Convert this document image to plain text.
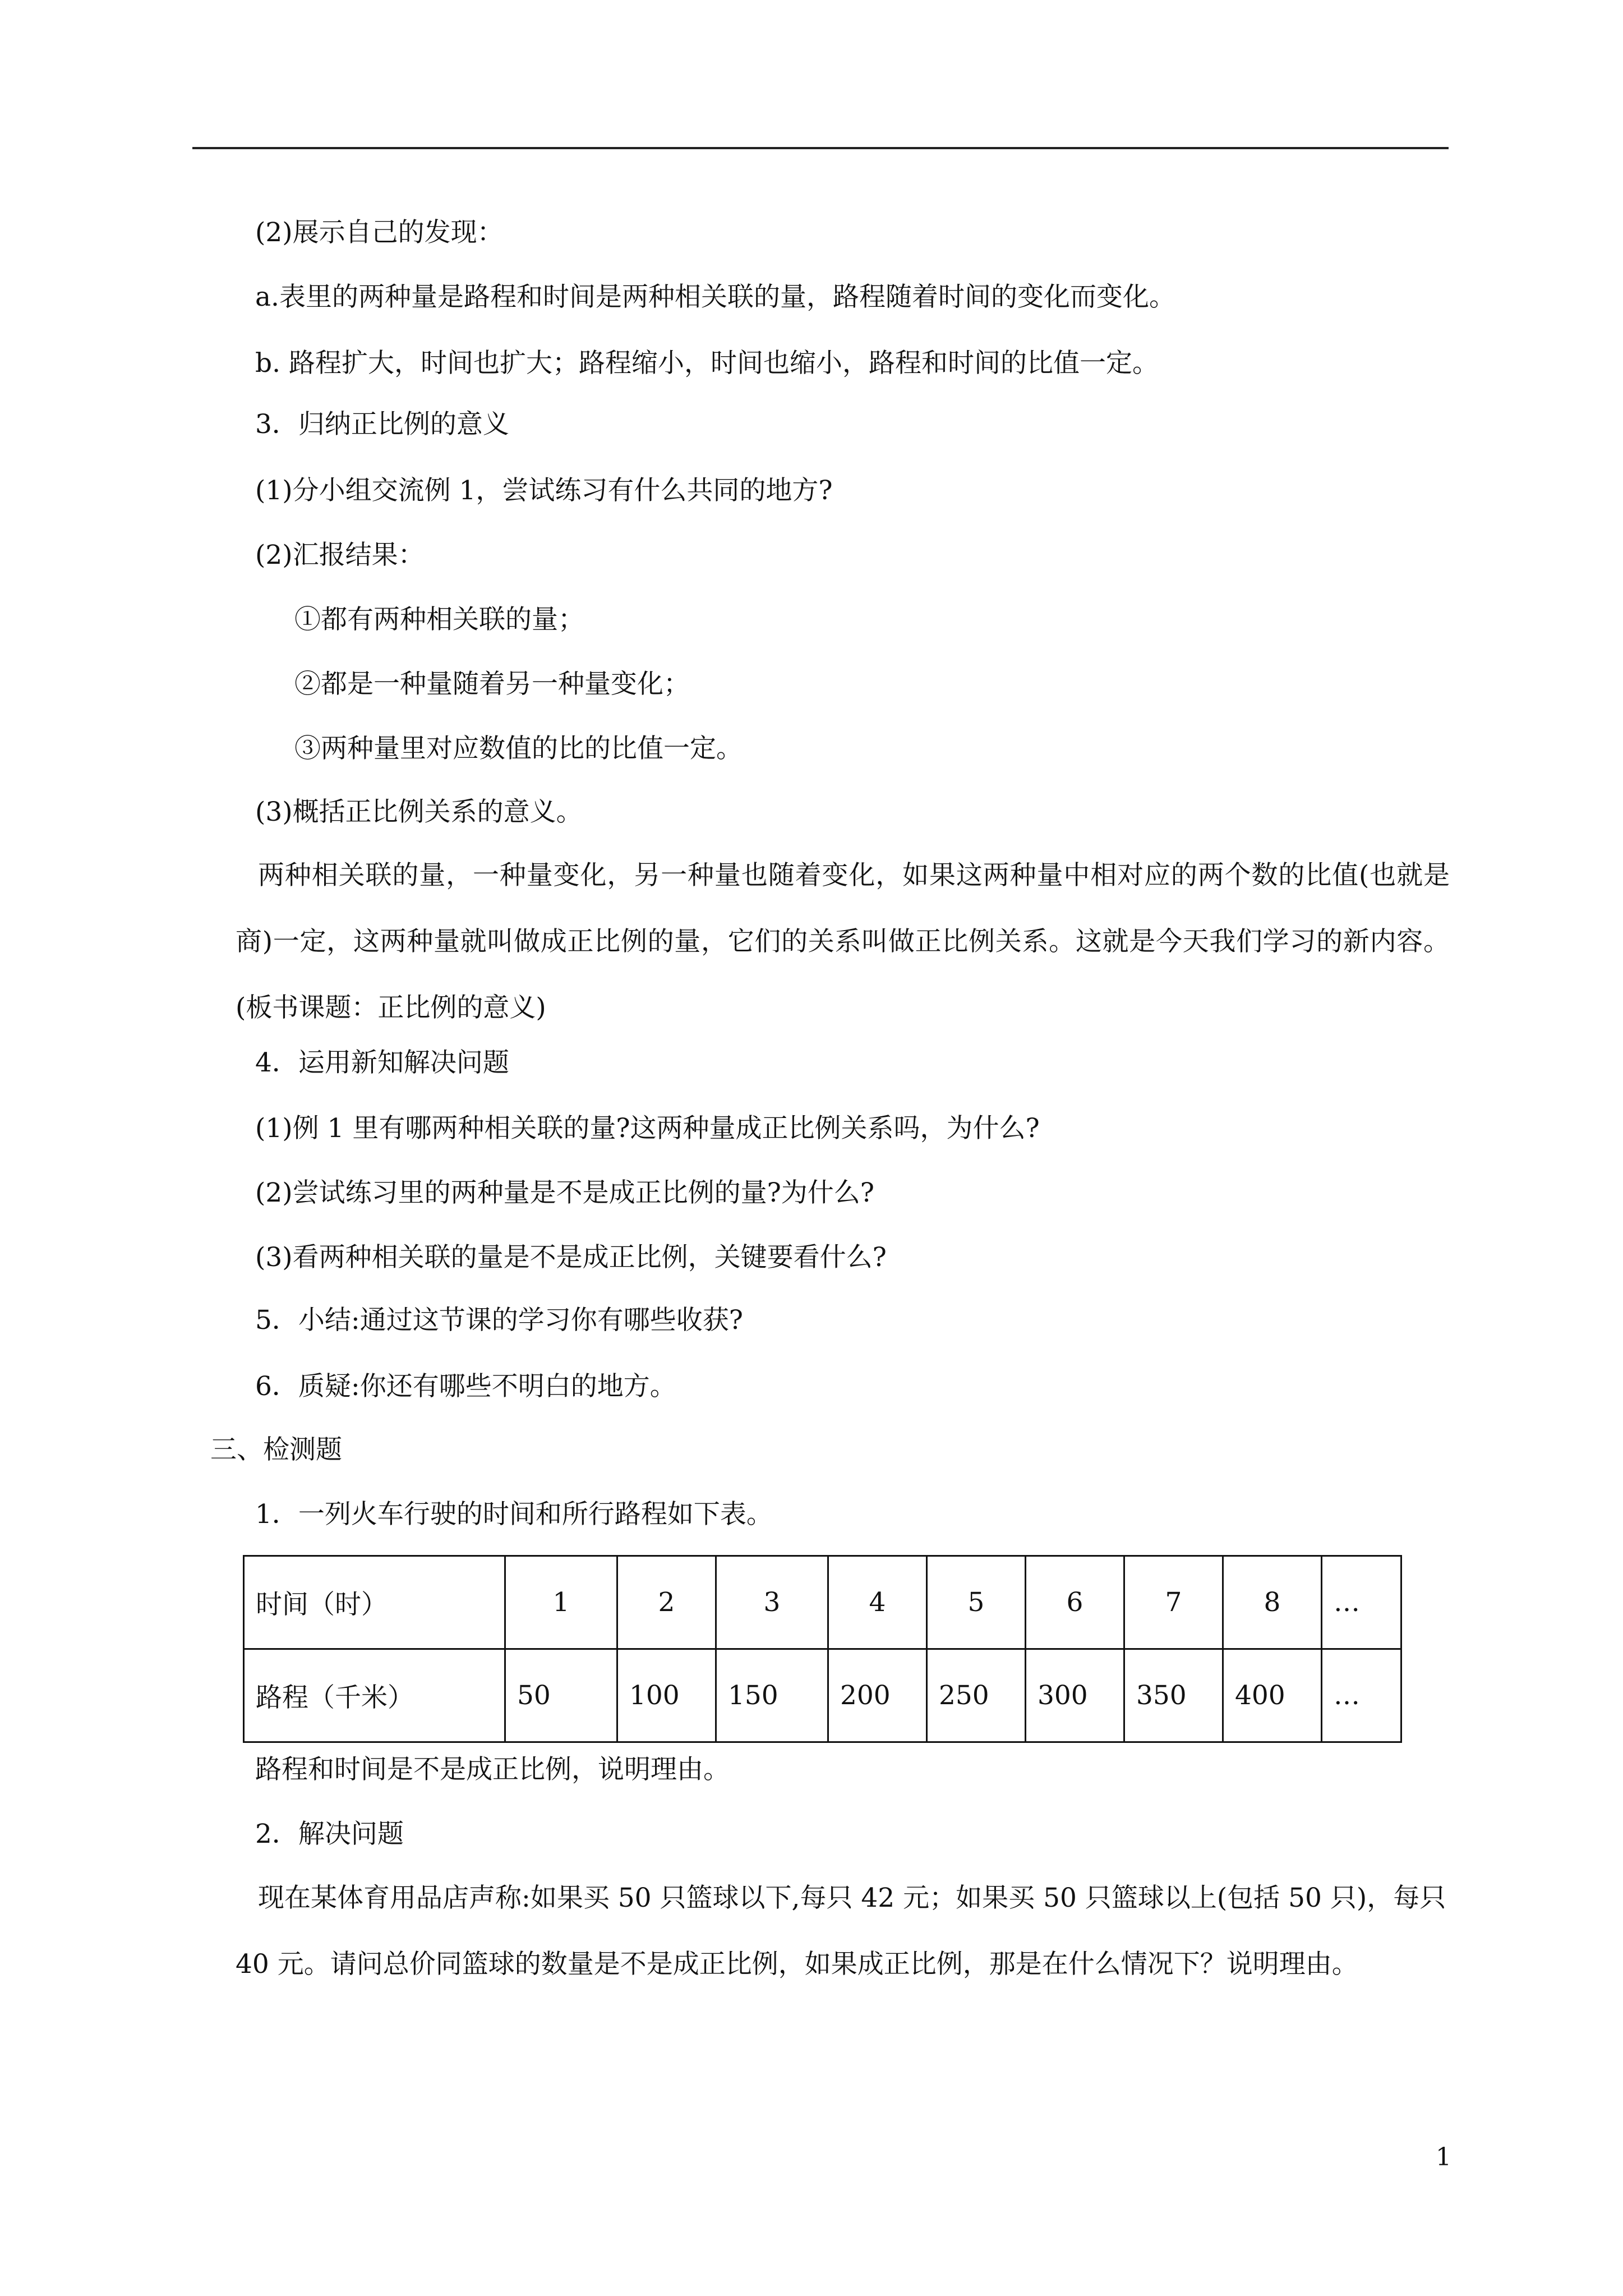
(2)展示自己的发现：
a.表里的两种量是路程和时间是两种相关联的量，路程随着时间的变化而变化。
b. 路程扩大，时间也扩大；路程缩小，时间也缩小，路程和时间的比值一定。
3．归纳正比例的意义
(1)分小组交流例 1，尝试练习有什么共同的地方?
(2)汇报结果：
①都有两种相关联的量；
②都是一种量随着另一种量变化；
③两种量里对应数值的比的比值一定。
(3)概括正比例关系的意义。
两种相关联的量，一种量变化，另一种量也随着变化，如果这两种量中相对应的两个数的比值(也就是商)一定，这两种量就叫做成正比例的量，它们的关系叫做正比例关系。这就是今天我们学习的新内容。(板书课题：正比例的意义)
4．运用新知解决问题
(1)例 1 里有哪两种相关联的量?这两种量成正比例关系吗，为什么?
(2)尝试练习里的两种量是不是成正比例的量?为什么?
(3)看两种相关联的量是不是成正比例，关键要看什么?
5．小结:通过这节课的学习你有哪些收获?
6．质疑:你还有哪些不明白的地方。
三、检测题
1．一列火车行驶的时间和所行路程如下表。
时间（时）	1	2	3	4	5	6	7	8	…
路程（千米）	50	100	150	200	250	300	350	400	…
路程和时间是不是成正比例，说明理由。
2．解决问题
现在某体育用品店声称:如果买 50 只篮球以下,每只 42 元；如果买 50 只篮球以上(包括 50 只)，每只 40 元。请问总价同篮球的数量是不是成正比例，如果成正比例，那是在什么情况下？说明理由。
1
